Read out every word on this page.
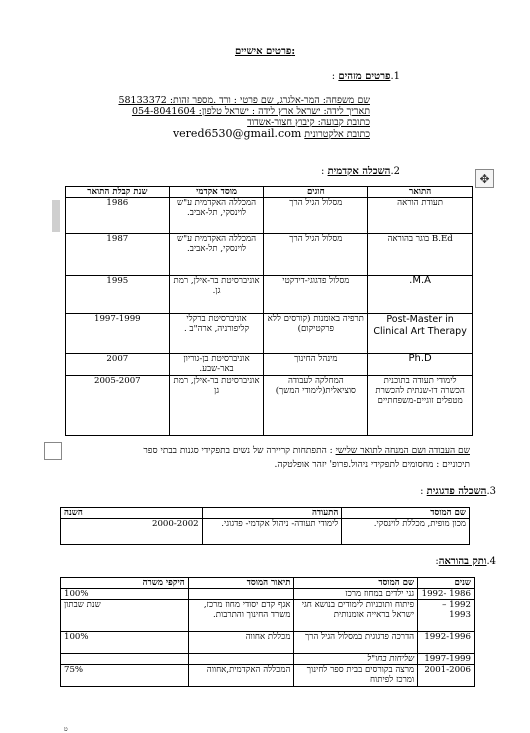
פרטים אישיים:
1.פרטים מזהים :
שם משפחה: המר-אלגרג, שם פרטי : ורד .מספר זהות: 58133372
תאריך לידה: ישראל ארץ לידה : ישראל טלפון: 054-8041604
כתובת קבועה: קיבוץ חצור-אשדוד
כתובת אלקטרונית vered6530@gmail.com
2.השכלה אקדמית :	✥
התואר	חוגים	מוסד אקדמי	שנת קבלת התואר
תעודת הוראה	מסלול הגיל הרך	המכללה האקדמית ע"ש לוינסקי, תל-אביב.	1986
B.Ed בוגר בהוראה	מסלול הגיל הרך	המכללה האקדמית ע"ש לוינסקי, תל-אביב.	1987
M.A.	מסלול פדגוגי-דידקטי	אוניברסיטת בר-אילן, רמת גן.	1995
Post-Master in Clinical Art Therapy	תרפיה באומנות (קורסים ללא פרקטיקום)	אוניברסיטת ברקלי קליפורניה, ארה"ב .	1997-1999
Ph.D	מינהל החינוך	אוניברסיטת בן-גוריון באר-שבע.	2007
לימודי תעודה בתוכנית הכשרה דו-שנתית להכשרת מטפלים זוגיים-משפחתיים	המחלקה לעבודה סוציאלית(לימודי המשך)	אוניברסיטת בר-אילן, רמת גן	2005-2007
שם העבודה ושם המנחה לתואר שלישי : התפתחות קריירה של נשים בתפקידי סגנות בבתי ספר
תיכוניים : מחסומים לתפקידי ניהול.פרופ' יזהר אופלטקה.
3.השכלה פדגוגית :
שם המוסד	התעודה	השנה
מכון מופית, מכללת לוינסקי.	לימודי תעודה- ניהול אקדמי- פדגוגי.	2000-2002
4.ותק בהוראה:
שנים	שם המוסד	תיאור המוסד	היקפי משרה
1986 -1992	גני ילדים במחוז מרכז		100%
1992 –1993	פיתוח ותוכניות לימודים בנושא חגי ישראל בראייה אומנותית	אגף קדם יסודי מחוז מרכז, משרד החינוך והתרבות.	שנת שבתון
1992-1996	הדרכה פדגוגית במסלול הגיל הרך	מכללת אחווה	100%
1997-1999	שליחות בחו"ל		
2001-2006	מרצה בקורסים בבית ספר לחינוך ומרכז לפיתוח	המכללה האקדמית,אחווה	75%
ט
